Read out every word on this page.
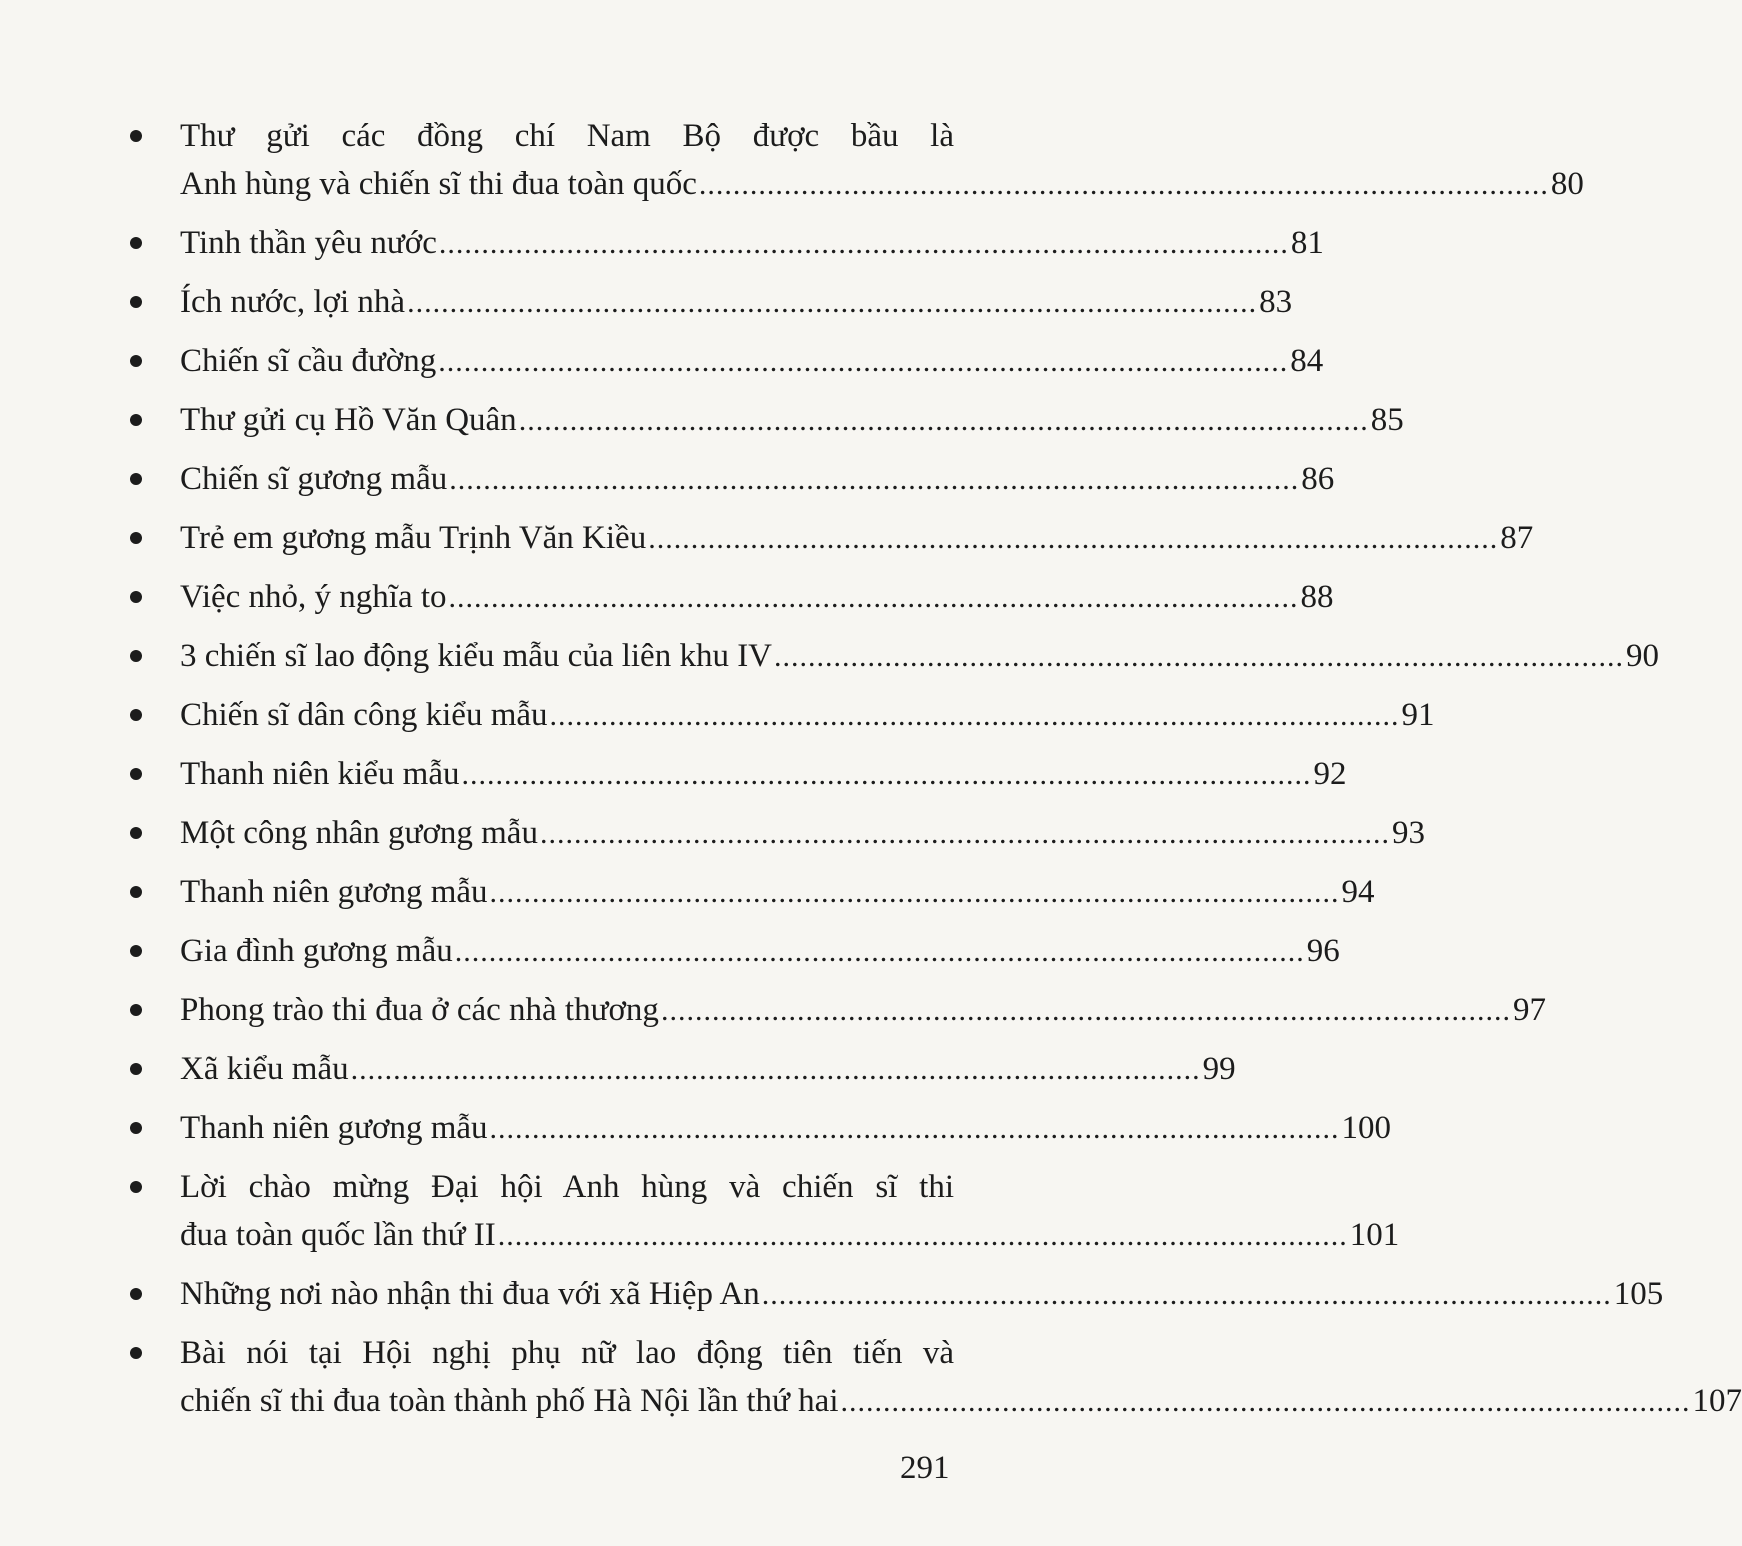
Thư gửi các đồng chí Nam Bộ được bầu là
Anh hùng và chiến sĩ thi đua toàn quốc .................................................................................................... 80
Tinh thần yêu nước .................................................................................................... 81
Ích nước, lợi nhà .................................................................................................... 83
Chiến sĩ cầu đường .................................................................................................... 84
Thư gửi cụ Hồ Văn Quân .................................................................................................... 85
Chiến sĩ gương mẫu .................................................................................................... 86
Trẻ em gương mẫu Trịnh Văn Kiều .................................................................................................... 87
Việc nhỏ, ý nghĩa to .................................................................................................... 88
3 chiến sĩ lao động kiểu mẫu của liên khu IV .................................................................................................... 90
Chiến sĩ dân công kiểu mẫu .................................................................................................... 91
Thanh niên kiểu mẫu .................................................................................................... 92
Một công nhân gương mẫu .................................................................................................... 93
Thanh niên gương mẫu .................................................................................................... 94
Gia đình gương mẫu .................................................................................................... 96
Phong trào thi đua ở các nhà thương .................................................................................................... 97
Xã kiểu mẫu .................................................................................................... 99
Thanh niên gương mẫu .................................................................................................... 100
Lời chào mừng Đại hội Anh hùng và chiến sĩ thi
đua toàn quốc lần thứ II .................................................................................................... 101
Những nơi nào nhận thi đua với xã Hiệp An .................................................................................................... 105
Bài nói tại Hội nghị phụ nữ lao động tiên tiến và
chiến sĩ thi đua toàn thành phố Hà Nội lần thứ hai .................................................................................................... 107
291
